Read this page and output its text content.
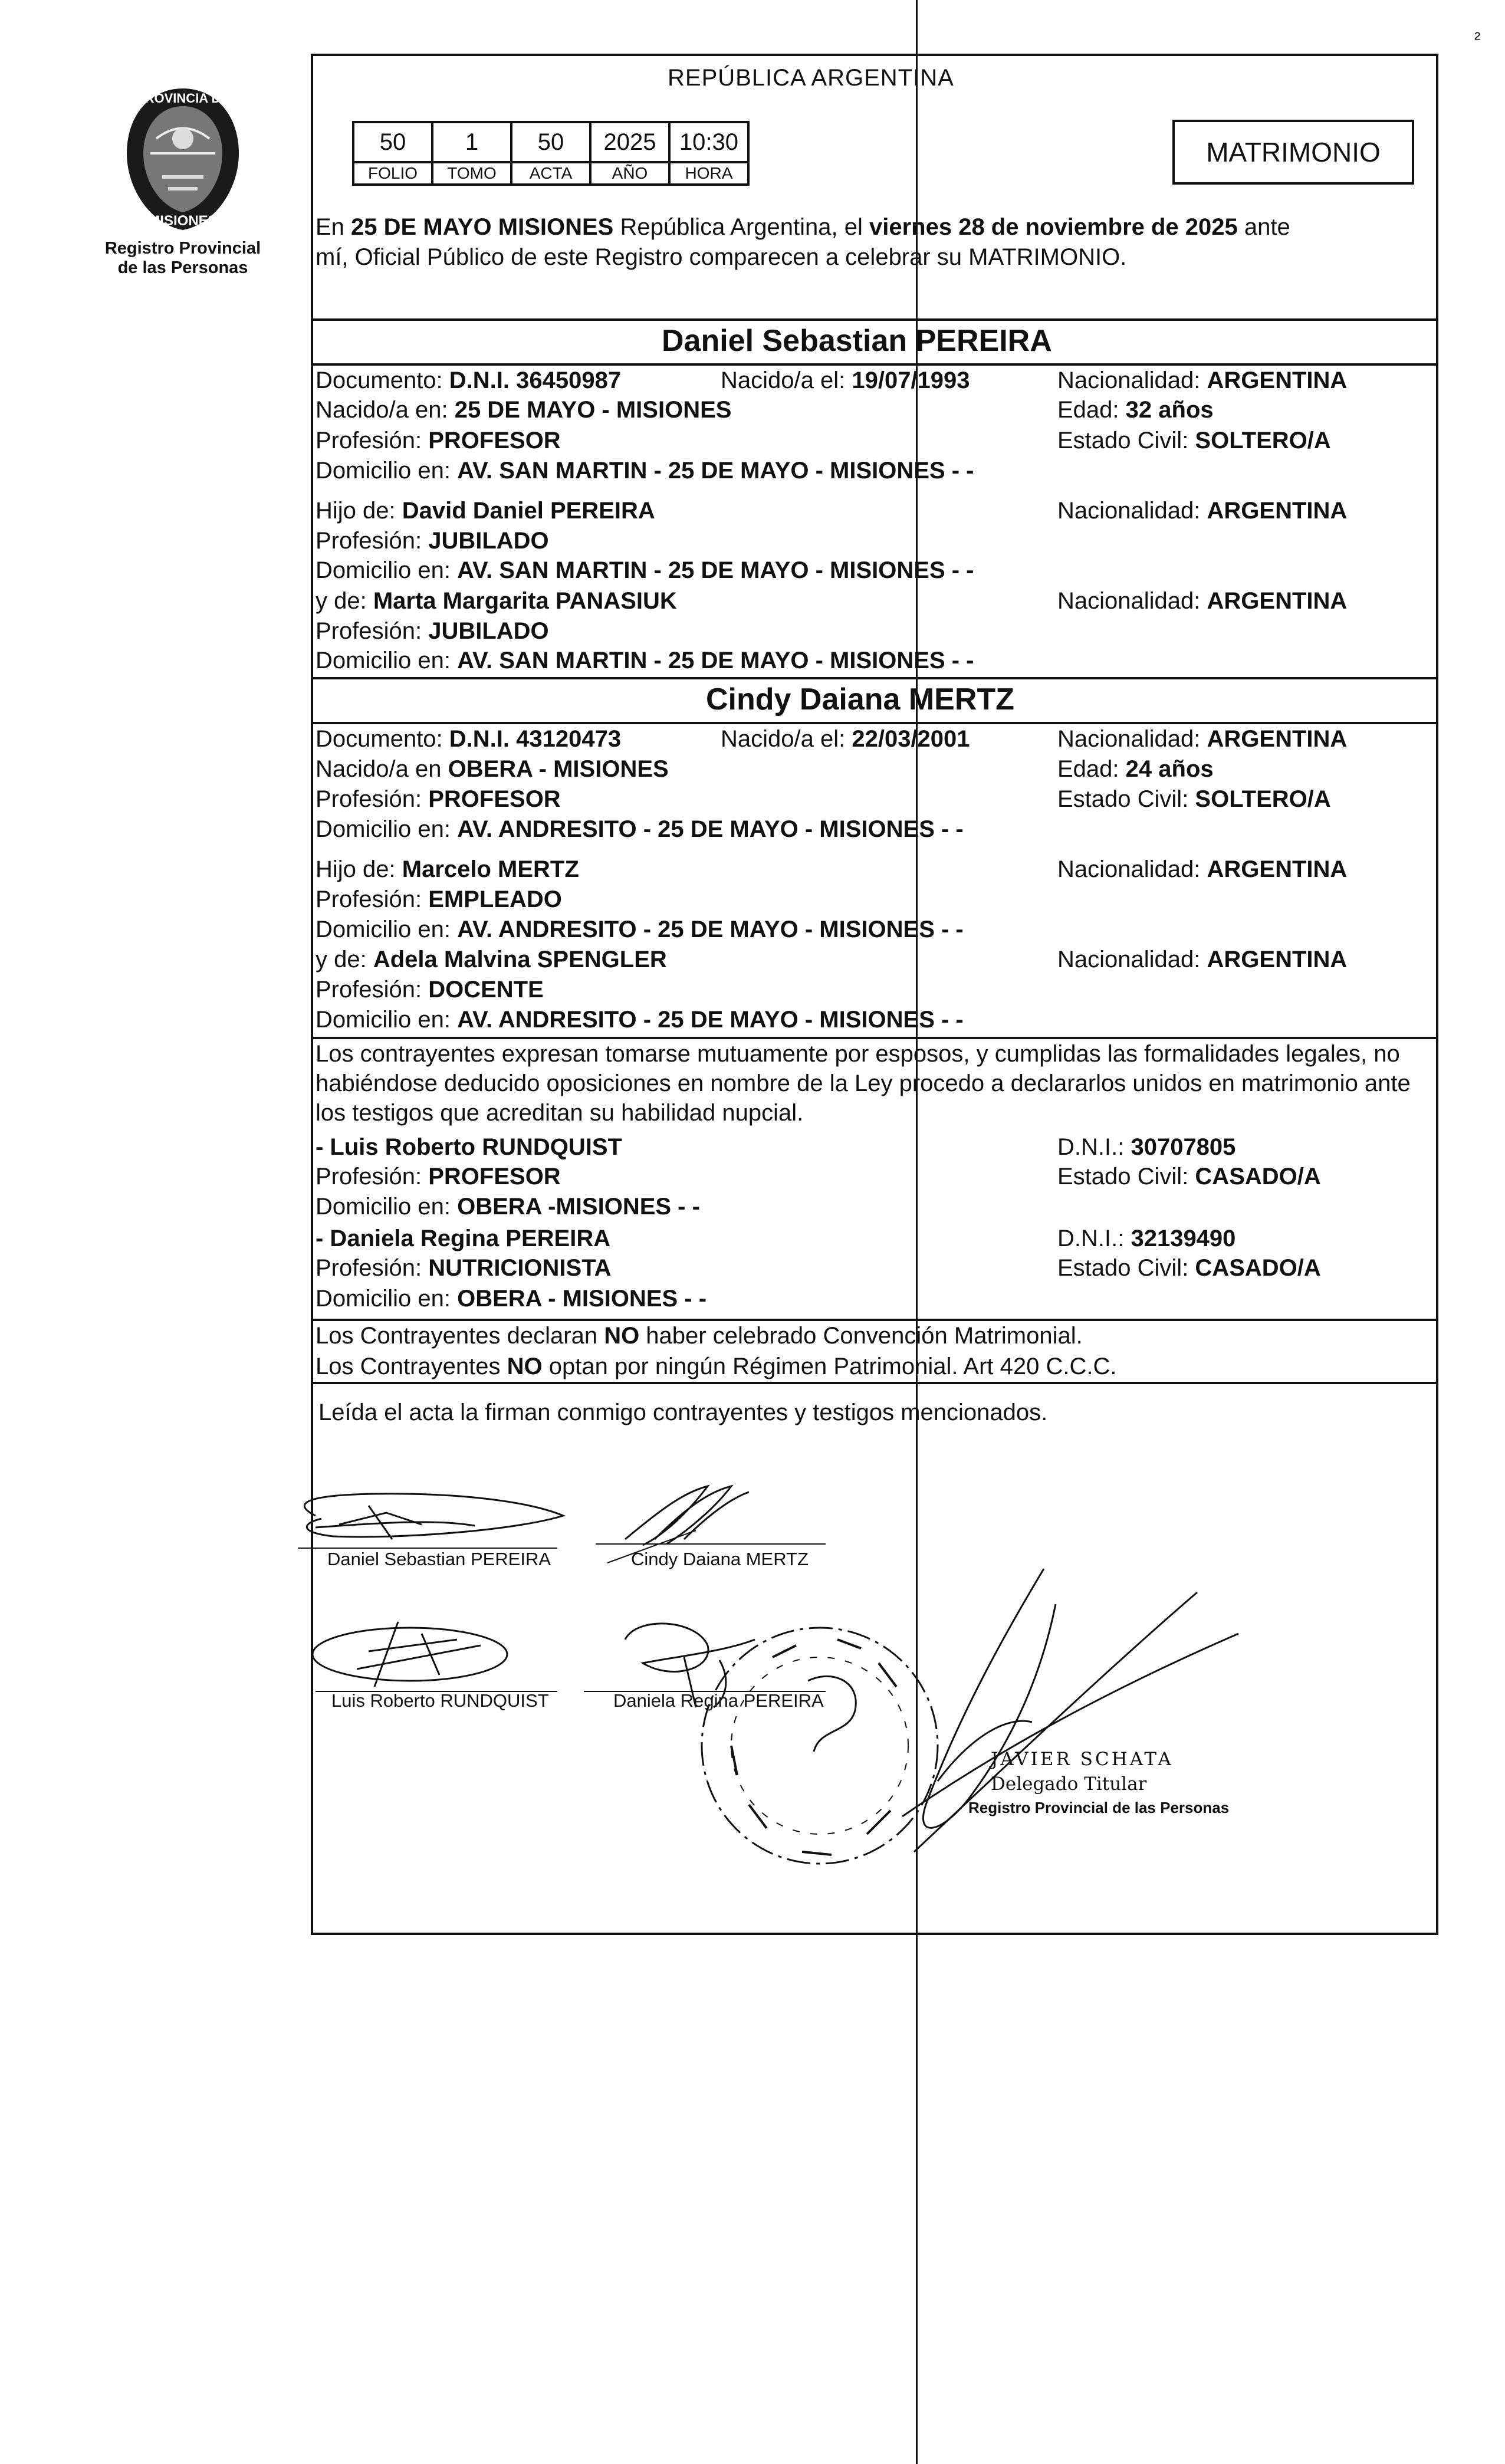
²
PROVINCIA DE
MISIONES
Registro Provincial
de las Personas
REPÚBLICA ARGENTINA
50	1	50	2025	10:30
FOLIO	TOMO	ACTA	AÑO	HORA
MATRIMONIO
En 25 DE MAYO MISIONES República Argentina, el viernes 28 de noviembre de 2025 ante
mí, Oficial Público de este Registro comparecen a celebrar su MATRIMONIO.
Daniel Sebastian PEREIRA
Documento: D.N.I. 36450987	Nacido/a el: 19/07/1993	Nacionalidad: ARGENTINA
Nacido/a en: 25 DE MAYO - MISIONES	Edad: 32 años
Profesión: PROFESOR	Estado Civil: SOLTERO/A
Domicilio en: AV. SAN MARTIN - 25 DE MAYO - MISIONES - -
Hijo de: David Daniel PEREIRA	Nacionalidad: ARGENTINA
Profesión: JUBILADO
Domicilio en: AV. SAN MARTIN - 25 DE MAYO - MISIONES - -
y de: Marta Margarita PANASIUK	Nacionalidad: ARGENTINA
Profesión: JUBILADO
Domicilio en: AV. SAN MARTIN - 25 DE MAYO - MISIONES - -
Cindy Daiana MERTZ
Documento: D.N.I. 43120473	Nacido/a el: 22/03/2001	Nacionalidad: ARGENTINA
Nacido/a en OBERA - MISIONES	Edad: 24 años
Profesión: PROFESOR	Estado Civil: SOLTERO/A
Domicilio en: AV. ANDRESITO - 25 DE MAYO - MISIONES - -
Hijo de: Marcelo MERTZ	Nacionalidad: ARGENTINA
Profesión: EMPLEADO
Domicilio en: AV. ANDRESITO - 25 DE MAYO - MISIONES - -
y de: Adela Malvina SPENGLER	Nacionalidad: ARGENTINA
Profesión: DOCENTE
Domicilio en: AV. ANDRESITO - 25 DE MAYO - MISIONES - -
Los contrayentes expresan tomarse mutuamente por esposos, y cumplidas las formalidades legales, no
habiéndose deducido oposiciones en nombre de la Ley procedo a declararlos unidos en matrimonio ante
los testigos que acreditan su habilidad nupcial.
- Luis Roberto RUNDQUIST	D.N.I.: 30707805
Profesión: PROFESOR	Estado Civil: CASADO/A
Domicilio en: OBERA -MISIONES - -
- Daniela Regina PEREIRA	D.N.I.: 32139490
Profesión: NUTRICIONISTA	Estado Civil: CASADO/A
Domicilio en: OBERA - MISIONES - -
Los Contrayentes declaran NO haber celebrado Convención Matrimonial.
Los Contrayentes NO optan por ningún Régimen Patrimonial. Art 420 C.C.C.
Leída el acta la firman conmigo contrayentes y testigos mencionados.
Daniel Sebastian PEREIRA	Cindy Daiana MERTZ
Luis Roberto RUNDQUIST	Daniela Regina PEREIRA
JAVIER SCHATA
Delegado Titular
Registro Provincial de las Personas
